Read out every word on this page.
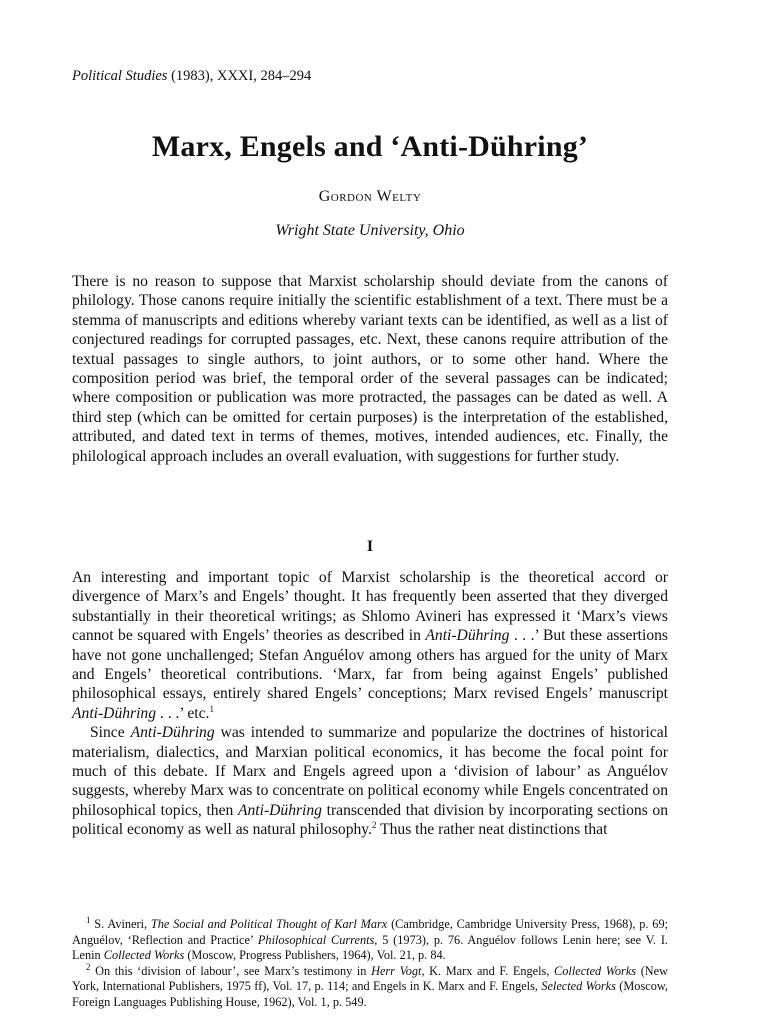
Political Studies (1983), XXXI, 284–294
Marx, Engels and ‘Anti-Dühring’
Gordon Welty
Wright State University, Ohio
There is no reason to suppose that Marxist scholarship should deviate from the canons of philology. Those canons require initially the scientific establishment of a text. There must be a stemma of manuscripts and editions whereby variant texts can be identified, as well as a list of conjectured readings for corrupted passages, etc. Next, these canons require attribution of the textual passages to single authors, to joint authors, or to some other hand. Where the composition period was brief, the temporal order of the several passages can be indicated; where composition or publication was more protracted, the passages can be dated as well. A third step (which can be omitted for certain purposes) is the interpretation of the established, attributed, and dated text in terms of themes, motives, intended audiences, etc. Finally, the philological approach includes an overall evaluation, with suggestions for further study.
I

An interesting and important topic of Marxist scholarship is the theoretical accord or divergence of Marx’s and Engels’ thought. It has frequently been asserted that they diverged substantially in their theoretical writings; as Shlomo Avineri has expressed it ‘Marx’s views cannot be squared with Engels’ theories as described in Anti-Dühring . . .’ But these assertions have not gone unchallenged; Stefan Anguélov among others has argued for the unity of Marx and Engels’ theoretical contributions. ‘Marx, far from being against Engels’ published philosophical essays, entirely shared Engels’ conceptions; Marx revised Engels’ manuscript Anti-Dühring . . .’ etc.$^1$

Since Anti-Dühring was intended to summarize and popularize the doctrines of historical materialism, dialectics, and Marxian political economics, it has become the focal point for much of this debate. If Marx and Engels agreed upon a ‘division of labour’ as Anguélov suggests, whereby Marx was to concentrate on political economy while Engels concentrated on philosophical topics, then Anti-Dühring transcended that division by incorporating sections on political economy as well as natural philosophy.$^2$ Thus the rather neat distinctions that

$^1$ S. Avineri, The Social and Political Thought of Karl Marx (Cambridge, Cambridge University Press, 1968), p. 69; Anguélov, ‘Reflection and Practice’ Philosophical Currents, 5 (1973), p. 76. Anguélov follows Lenin here; see V. I. Lenin Collected Works (Moscow, Progress Publishers, 1964), Vol. 21, p. 84.

$^2$ On this ‘division of labour’, see Marx’s testimony in Herr Vogt, K. Marx and F. Engels, Collected Works (New York, International Publishers, 1975 ff), Vol. 17, p. 114; and Engels in K. Marx and F. Engels, Selected Works (Moscow, Foreign Languages Publishing House, 1962), Vol. 1, p. 549.
